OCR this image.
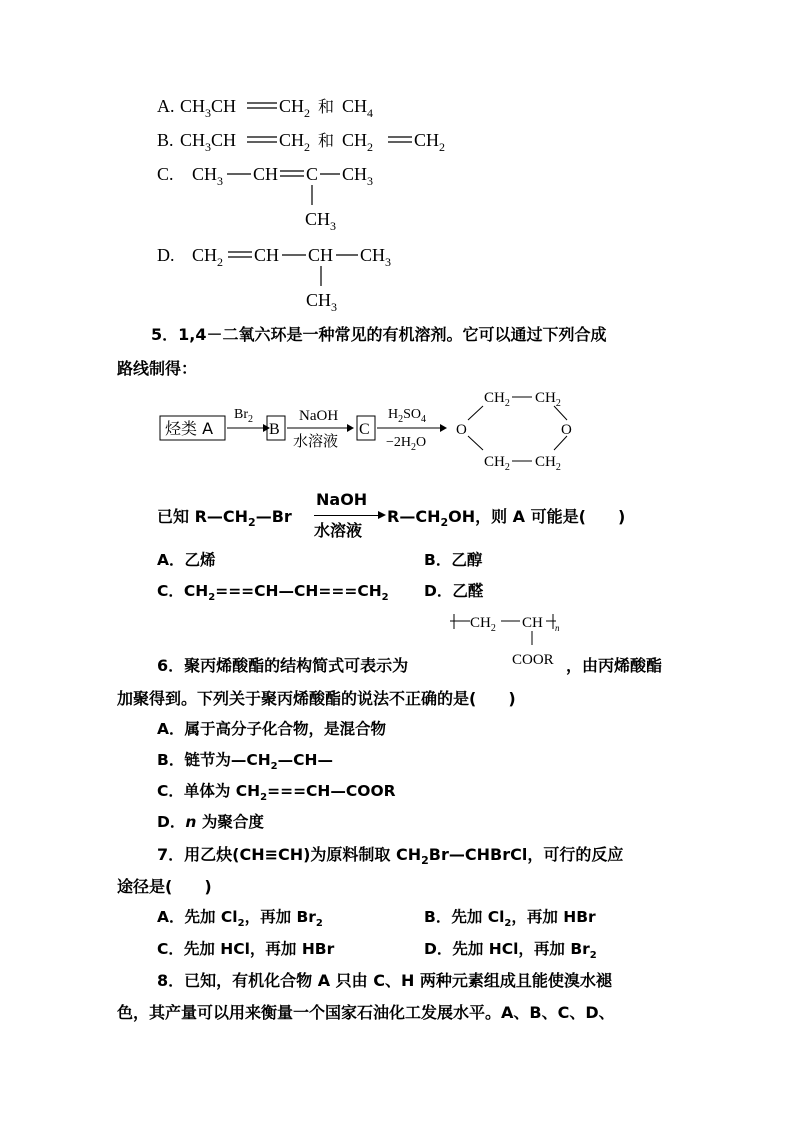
A. $CH_3CH$ $CH_2$ 和 $CH_4$
B. $CH_3CH$ $CH_2$ 和 $CH_2$ $CH_2$
C. $CH_3$ CH C $CH_3$
$CH_3$
D. $CH_2$ CH CH $CH_3$
$CH_3$
5．1,4－二氧六环是一种常见的有机溶剂。它可以通过下列合成
路线制得：
烃类 A
$Br_2$
B
NaOH
水溶液
C
$H_2SO_4$
$-2H_2O$
$CH_2$ $CH_2$
O	O
$CH_2$ $CH_2$
已知 $R—CH_2—Br$
NaOH
水溶液
$R—CH_2OH$，则 A 可能是(　　)
A．乙烯	B．乙醇
C．$CH_2===CH—CH===CH_2$ D．乙醛
$CH_2$ CH n
COOR
6．聚丙烯酸酯的结构简式可表示为	，由丙烯酸酯
加聚得到。下列关于聚丙烯酸酯的说法不正确的是(　　)
A．属于高分子化合物，是混合物
B．链节为$—CH_2—CH—$
C．单体为 $CH_2===CH—COOR$
D．n 为聚合度
7．用乙炔(CH≡CH)为原料制取 $CH_2Br—CHBrCl$，可行的反应
途径是(　　)
A．先加 $Cl_2$，再加 $Br_2$	B．先加 $Cl_2$，再加 HBr
C．先加 HCl，再加 HBr	D．先加 HCl，再加 $Br_2$
8．已知，有机化合物 A 只由 C、H 两种元素组成且能使溴水褪
色，其产量可以用来衡量一个国家石油化工发展水平。A、B、C、D、
